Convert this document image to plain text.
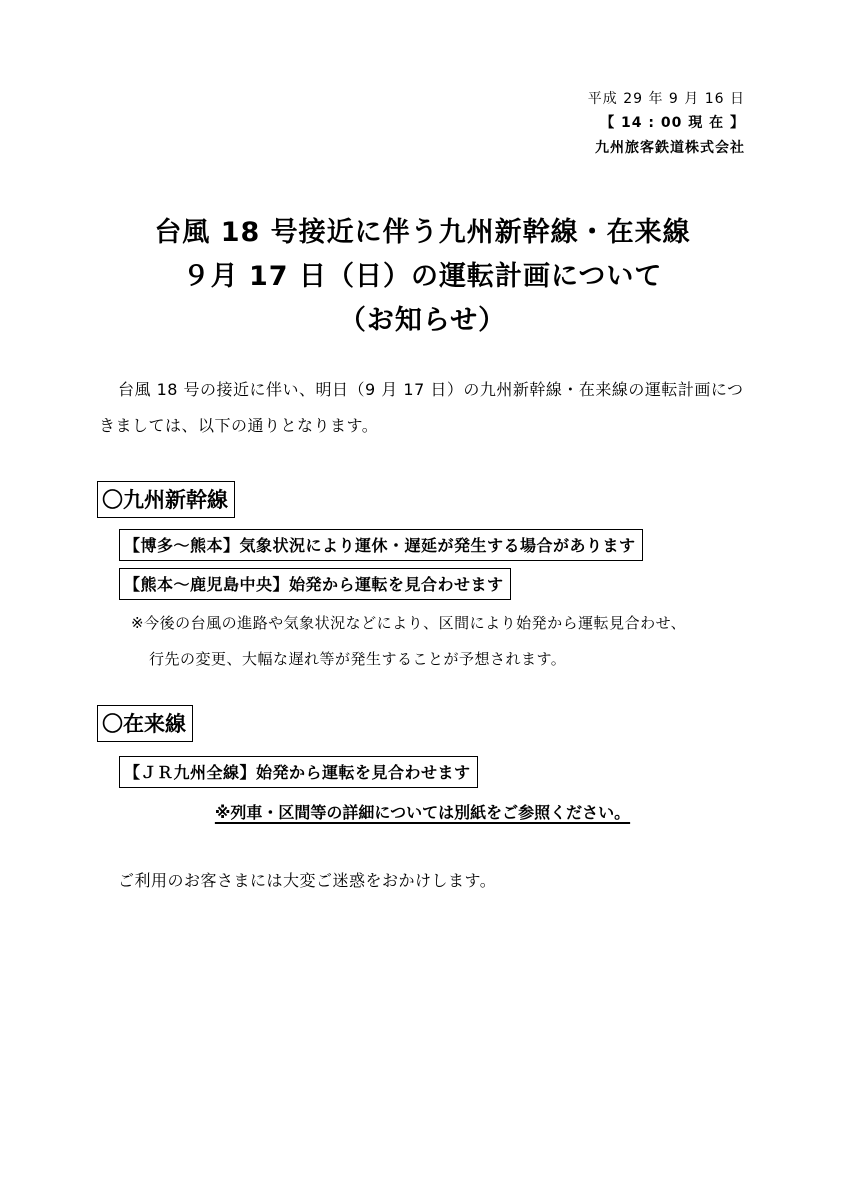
平成 29 年 9 月 16 日
【 14 : 00 現 在 】
九州旅客鉄道株式会社
台風 18 号接近に伴う九州新幹線・在来線
９月 17 日（日）の運転計画について
（お知らせ）
台風 18 号の接近に伴い、明日（9 月 17 日）の九州新幹線・在来線の運転計画につ
きましては、以下の通りとなります。
〇九州新幹線
【博多～熊本】気象状況により運休・遅延が発生する場合があります
【熊本～鹿児島中央】始発から運転を見合わせます
※今後の台風の進路や気象状況などにより、区間により始発から運転見合わせ、
行先の変更、大幅な遅れ等が発生することが予想されます。
〇在来線
【ＪＲ九州全線】始発から運転を見合わせます
※列車・区間等の詳細については別紙をご参照ください。
ご利用のお客さまには大変ご迷惑をおかけします。
